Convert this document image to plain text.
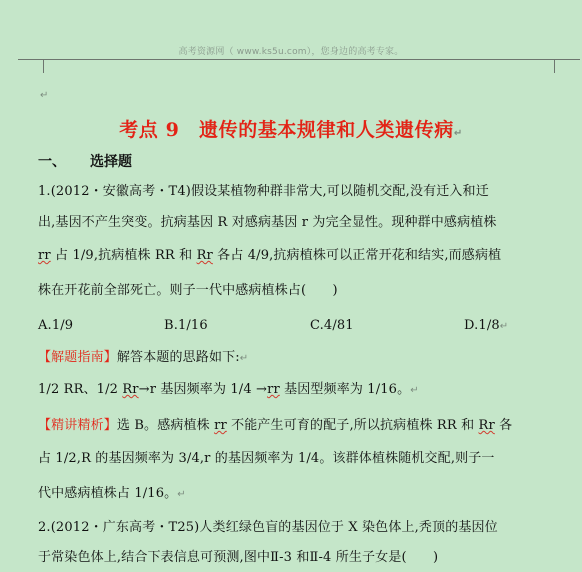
高考资源网（ www.ks5u.com），您身边的高考专家。
↵
考点 9　遗传的基本规律和人类遗传病↵
一、 选择题
1.(2012・安徽高考・T4)假设某植物种群非常大,可以随机交配,没有迁入和迁
出,基因不产生突变。抗病基因 R 对感病基因 r 为完全显性。现种群中感病植株
rr 占 1/9,抗病植株 RR 和 Rr 各占 4/9,抗病植株可以正常开花和结实,而感病植
株在开花前全部死亡。则子一代中感病植株占(　　)
A.1/9	B.1/16	C.4/81	D.1/8↵
【解题指南】解答本题的思路如下:↵
1/2 RR、1/2 Rr→r 基因频率为 1/4 →rr 基因型频率为 1/16。↵
【精讲精析】选 B。感病植株 rr 不能产生可育的配子,所以抗病植株 RR 和 Rr 各
占 1/2,R 的基因频率为 3/4,r 的基因频率为 1/4。该群体植株随机交配,则子一
代中感病植株占 1/16。↵
2.(2012・广东高考・T25)人类红绿色盲的基因位于 X 染色体上,秃顶的基因位
于常染色体上,结合下表信息可预测,图中Ⅱ-3 和Ⅱ-4 所生子女是(　　)
